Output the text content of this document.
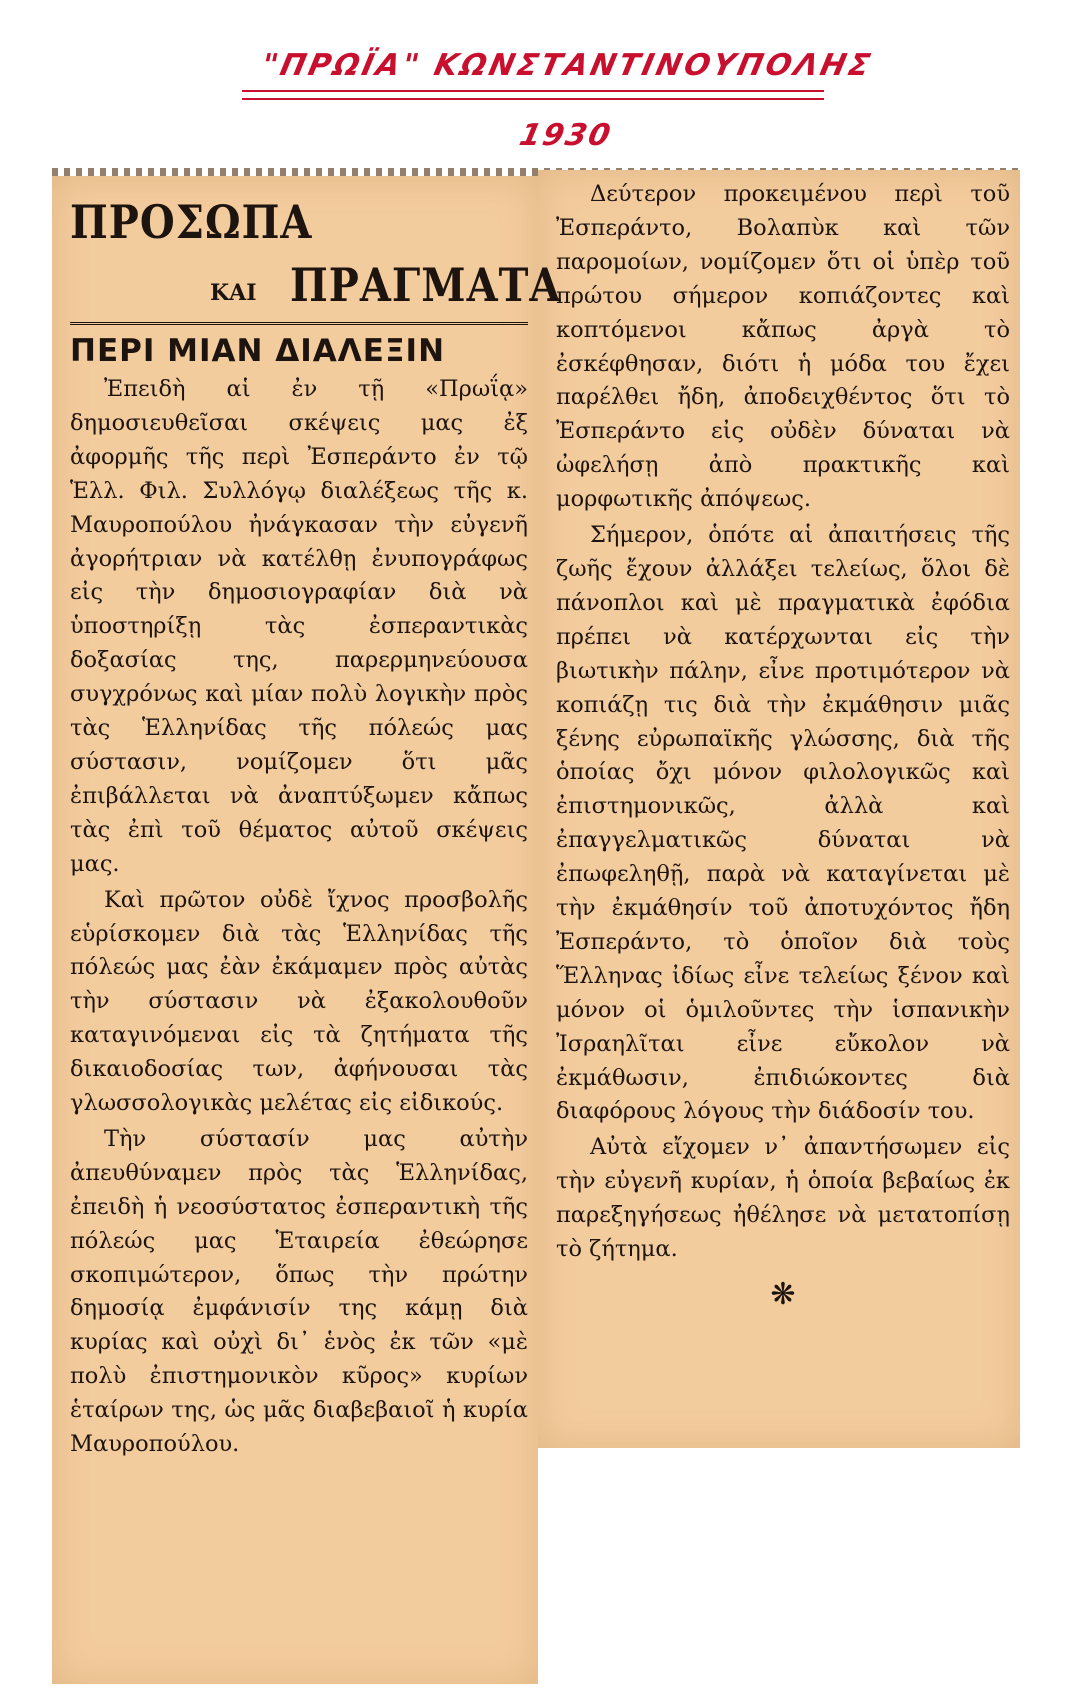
"ΠΡΩΪΑ" ΚΩΝΣΤΑΝΤΙΝΟΥΠΟΛΗΣ
1930
ΠΡΟΣΩΠΑ
ΚΑΙ ΠΡΑΓΜΑΤΑ
ΠΕΡΙ ΜΙΑΝ ΔΙΑΛΕΞΙΝ

Ἐπειδὴ αἱ ἐν τῇ «Πρωΐᾳ» δημοσιευθεῖσαι σκέψεις μας ἐξ ἀφορμῆς τῆς περὶ Ἐσπεράντο ἐν τῷ Ἑλλ. Φιλ. Συλλόγῳ διαλέξεως τῆς κ. Μαυροπούλου ἠνάγκασαν τὴν εὐγενῆ ἀγορήτριαν νὰ κατέλθῃ ἐνυπογράφως εἰς τὴν δημοσιογραφίαν διὰ νὰ ὑποστηρίξῃ τὰς ἐσπεραντικὰς δοξασίας της, παρερμηνεύουσα συγχρόνως καὶ μίαν πολὺ λογικὴν πρὸς τὰς Ἑλληνίδας τῆς πόλεώς μας σύστασιν, νομίζομεν ὅτι μᾶς ἐπιβάλλεται νὰ ἀναπτύξωμεν κἄπως τὰς ἐπὶ τοῦ θέματος αὐτοῦ σκέψεις μας.

Καὶ πρῶτον οὐδὲ ἴχνος προσβολῆς εὑρίσκομεν διὰ τὰς Ἑλληνίδας τῆς πόλεώς μας ἐὰν ἐκάμαμεν πρὸς αὐτὰς τὴν σύστασιν νὰ ἐξακολουθοῦν καταγινόμεναι εἰς τὰ ζητήματα τῆς δικαιοδοσίας των, ἀφήνουσαι τὰς γλωσσολογικὰς μελέτας εἰς εἰδικούς.

Τὴν σύστασίν μας αὐτὴν ἀπευθύναμεν πρὸς τὰς Ἑλληνίδας, ἐπειδὴ ἡ νεοσύστατος ἐσπεραντικὴ τῆς πόλεώς μας Ἑταιρεία ἐθεώρησε σκοπιμώτερον, ὅπως τὴν πρώτην δημοσίᾳ ἐμφάνισίν της κάμῃ διὰ κυρίας καὶ οὐχὶ δι᾽ ἑνὸς ἐκ τῶν «μὲ πολὺ ἐπιστημονικὸν κῦρος» κυρίων ἑταίρων της, ὡς μᾶς διαβεβαιοῖ ἡ κυρία Μαυροπούλου.

Δεύτερον προκειμένου περὶ τοῦ Ἐσπεράντο, Βολαπὺκ καὶ τῶν παρομοίων, νομίζομεν ὅτι οἱ ὑπὲρ τοῦ πρώτου σήμερον κοπιάζοντες καὶ κοπτόμενοι κἄπως ἀργὰ τὸ ἐσκέφθησαν, διότι ἡ μόδα του ἔχει παρέλθει ἤδη, ἀποδειχθέντος ὅτι τὸ Ἐσπεράντο εἰς οὐδὲν δύναται νὰ ὠφελήσῃ ἀπὸ πρακτικῆς καὶ μορφωτικῆς ἀπόψεως.

Σήμερον, ὁπότε αἱ ἀπαιτήσεις τῆς ζωῆς ἔχουν ἀλλάξει τελείως, ὅλοι δὲ πάνοπλοι καὶ μὲ πραγματικὰ ἐφόδια πρέπει νὰ κατέρχωνται εἰς τὴν βιωτικὴν πάλην, εἶνε προτιμότερον νὰ κοπιάζῃ τις διὰ τὴν ἐκμάθησιν μιᾶς ξένης εὐρωπαϊκῆς γλώσσης, διὰ τῆς ὁποίας ὄχι μόνον φιλολογικῶς καὶ ἐπιστημονικῶς, ἀλλὰ καὶ ἐπαγγελματικῶς δύναται νὰ ἐπωφεληθῇ, παρὰ νὰ καταγίνεται μὲ τὴν ἐκμάθησίν τοῦ ἀποτυχόντος ἤδη Ἐσπεράντο, τὸ ὁποῖον διὰ τοὺς Ἕλληνας ἰδίως εἶνε τελείως ξένον καὶ μόνον οἱ ὁμιλοῦντες τὴν ἱσπανικὴν Ἰσραηλῖται εἶνε εὔκολον νὰ ἐκμάθωσιν, ἐπιδιώκοντες διὰ διαφόρους λόγους τὴν διάδοσίν του.

Αὐτὰ εἴχομεν ν᾽ ἀπαντήσωμεν εἰς τὴν εὐγενῆ κυρίαν, ἡ ὁποία βεβαίως ἐκ παρεξηγήσεως ἠθέλησε νὰ μετατοπίσῃ τὸ ζήτημα.

❋
